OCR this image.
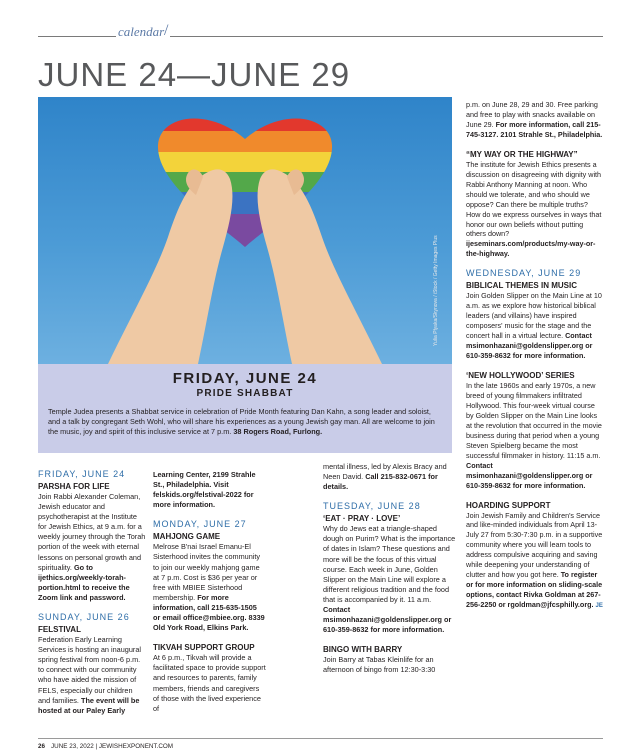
calendar /
JUNE 24—JUNE 29
Yulia Plyaka/Skynova / iStock / Getty Images Plus
FRIDAY, JUNE 24
PRIDE SHABBAT
Temple Judea presents a Shabbat service in celebration of Pride Month featuring Dan Kahn, a song leader and soloist, and a talk by congregant Seth Wohl, who will share his experiences as a young Jewish gay man. All are welcome to join the music, joy and spirit of this inclusive service at 7 p.m. 38 Rogers Road, Furlong.

FRIDAY, JUNE 24

PARSHA FOR LIFE

Join Rabbi Alexander Coleman, Jewish educator and psychotherapist at the Institute for Jewish Ethics, at 9 a.m. for a weekly journey through the Torah portion of the week with eternal lessons on personal growth and spirituality. Go to ijethics.org/weekly-torah-portion.html to receive the Zoom link and password.

SUNDAY, JUNE 26

FELSTIVAL

Federation Early Learning Services is hosting an inaugural spring festival from noon-6 p.m. to connect with our community who have aided the mission of FELS, especially our children and families. The event will be hosted at our Paley Early

Learning Center, 2199 Strahle St., Philadelphia. Visit felskids.org/felstival-2022 for more information.

MONDAY, JUNE 27

MAHJONG GAME

Melrose B'nai Israel Emanu-El Sisterhood invites the community to join our weekly mahjong game at 7 p.m. Cost is $36 per year or free with MBIEE Sisterhood membership. For more information, call 215-635-1505 or email office@mbiee.org. 8339 Old York Road, Elkins Park.

TIKVAH SUPPORT GROUP

At 6 p.m., Tikvah will provide a facilitated space to provide support and resources to parents, family members, friends and caregivers of those with the lived experience of

mental illness, led by Alexis Bracy and Neen David. Call 215-832-0671 for details.

TUESDAY, JUNE 28

‘EAT · PRAY · LOVE’

Why do Jews eat a triangle-shaped dough on Purim? What is the importance of dates in Islam? These questions and more will be the focus of this virtual course. Each week in June, Golden Slipper on the Main Line will explore a different religious tradition and the food that is accompanied by it. 11 a.m. Contact msimonhazani@goldenslipper.org or 610-359-8632 for more information.

BINGO WITH BARRY

Join Barry at Tabas Kleinlife for an afternoon of bingo from 12:30-3:30

p.m. on June 28, 29 and 30. Free parking and free to play with snacks available on June 29. For more information, call 215-745-3127. 2101 Strahle St., Philadelphia.

“MY WAY OR THE HIGHWAY”

The institute for Jewish Ethics presents a discussion on disagreeing with dignity with Rabbi Anthony Manning at noon. Who should we tolerate, and who should we oppose? Can there be multiple truths? How do we express ourselves in ways that honor our own beliefs without putting others down? ijeseminars.com/products/my-way-or-the-highway.

WEDNESDAY, JUNE 29

BIBLICAL THEMES IN MUSIC

Join Golden Slipper on the Main Line at 10 a.m. as we explore how historical biblical leaders (and villains) have inspired composers' music for the stage and the concert hall in a virtual lecture. Contact msimonhazani@goldenslipper.org or 610-359-8632 for more information.

‘NEW HOLLYWOOD’ SERIES

In the late 1960s and early 1970s, a new breed of young filmmakers infiltrated Hollywood. This four-week virtual course by Golden Slipper on the Main Line looks at the revolution that occurred in the movie business during that period when a young Steven Spielberg became the most successful filmmaker in history. 11:15 a.m. Contact msimonhazani@goldenslipper.org or 610-359-8632 for more information.

HOARDING SUPPORT

Join Jewish Family and Children's Service and like-minded individuals from April 13-July 27 from 5:30-7:30 p.m. in a supportive community where you will learn tools to address compulsive acquiring and saving while deepening your understanding of clutter and how you got here. To register or for more information on sliding-scale options, contact Rivka Goldman at 267-256-2250 or rgoldman@jfcsphilly.org. JE

26 JUNE 23, 2022 | JEWISHEXPONENT.COM
